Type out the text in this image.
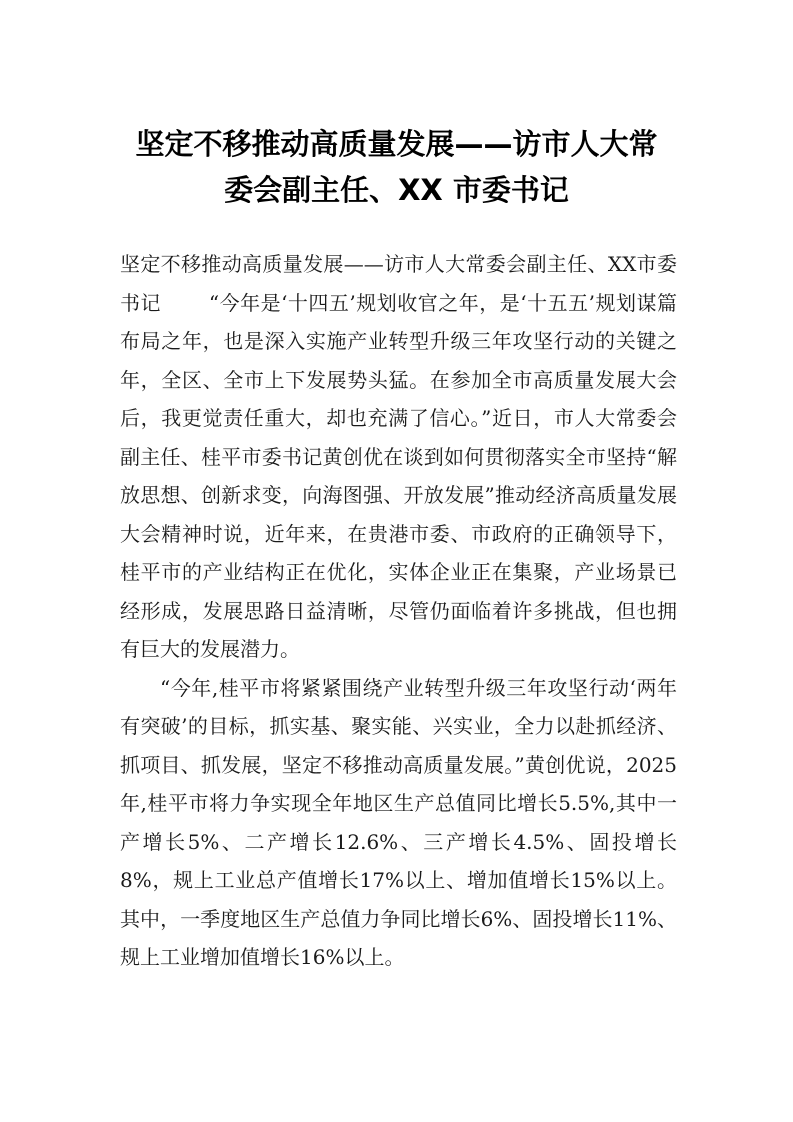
坚定不移推动高质量发展——访市人大常
委会副主任、XX 市委书记

坚定不移推动高质量发展——访市人大常委会副主任、XX市委书记 　　“今年是‘十四五’规划收官之年，是‘十五五’规划谋篇布局之年，也是深入实施产业转型升级三年攻坚行动的关键之年，全区、全市上下发展势头猛。在参加全市高质量发展大会后，我更觉责任重大，却也充满了信心。”近日，市人大常委会副主任、桂平市委书记黄创优在谈到如何贯彻落实全市坚持“解放思想、创新求变，向海图强、开放发展”推动经济高质量发展大会精神时说，近年来，在贵港市委、市政府的正确领导下，桂平市的产业结构正在优化，实体企业正在集聚，产业场景已经形成，发展思路日益清晰，尽管仍面临着许多挑战，但也拥有巨大的发展潜力。

“今年,桂平市将紧紧围绕产业转型升级三年攻坚行动‘两年有突破’的目标，抓实基、聚实能、兴实业，全力以赴抓经济、抓项目、抓发展，坚定不移推动高质量发展。”黄创优说，2025年,桂平市将力争实现全年地区生产总值同比增长5.5%,其中一产增长5%、二产增长12.6%、三产增长4.5%、固投增长8%，规上工业总产值增长17%以上、增加值增长15%以上。其中，一季度地区生产总值力争同比增长6%、固投增长11%、规上工业增加值增长16%以上。
